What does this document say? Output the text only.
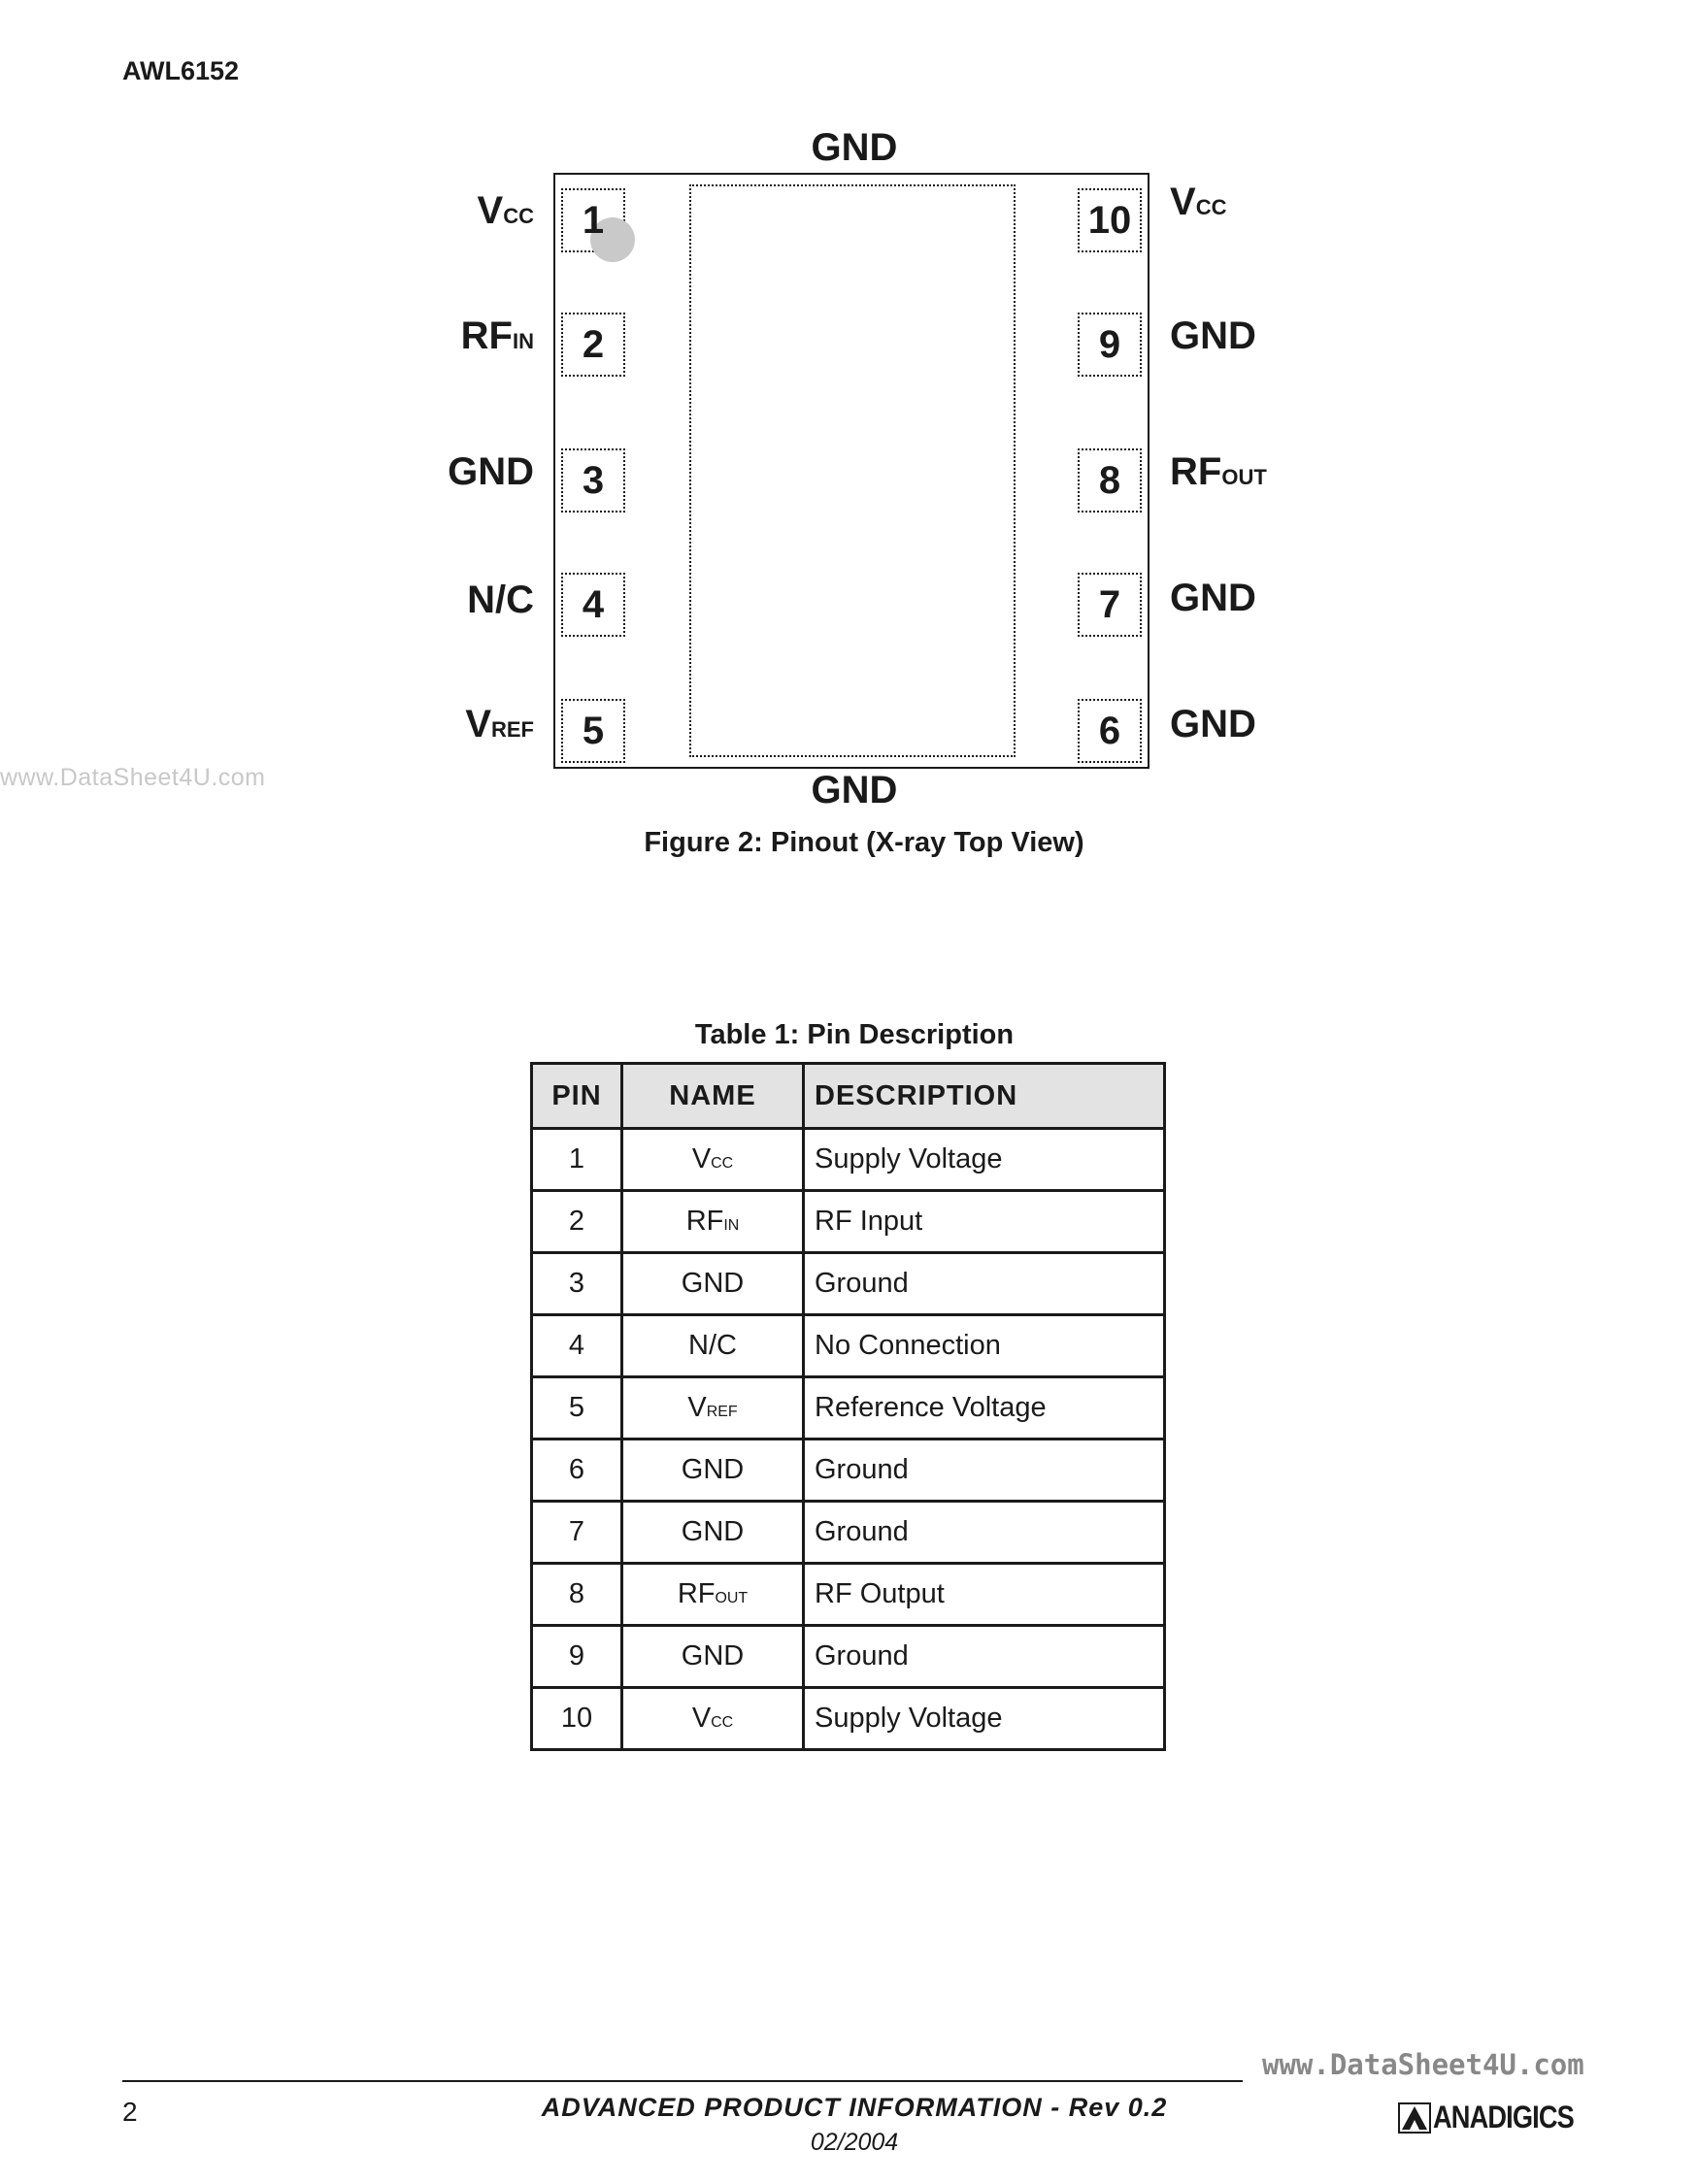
AWL6152
www.DataSheet4U.com
GND
1
2
3
4
5	6
7
8
9
10
GND
VCC
RFIN
GND
N/C
VREF	GND
GND
RFOUT
GND
VCC
Figure 2: Pinout (X-ray Top View)
Table 1: Pin Description
PIN	NAME	DESCRIPTION
1	VCC	Supply Voltage
2	RFIN	RF Input
3	GND	Ground
4	N/C	No Connection
5	VREF	Reference Voltage
6	GND	Ground
7	GND	Ground
8	RFOUT	RF Output
9	GND	Ground
10	VCC	Supply Voltage
www.DataSheet4U.com
2	ADVANCED PRODUCT INFORMATION - Rev 0.2
02/2004
ANADIGICS
